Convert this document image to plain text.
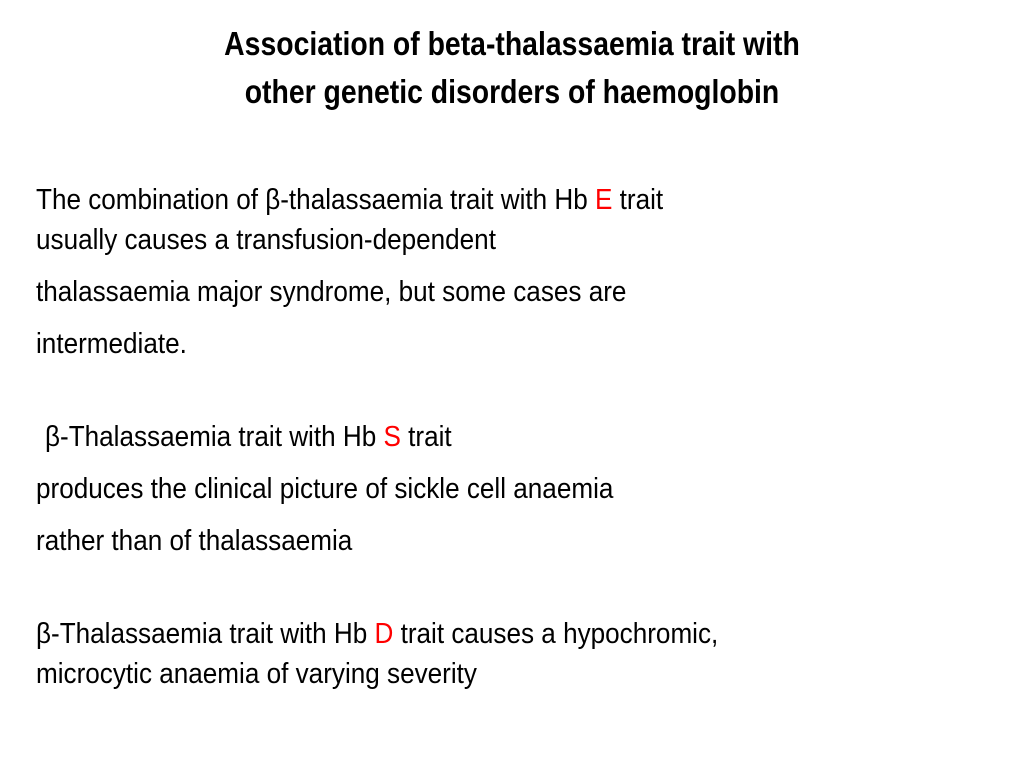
Association of beta-thalassaemia trait with
other genetic disorders of haemoglobin
The combination of β-thalassaemia trait with Hb E trait
usually causes a transfusion-dependent
thalassaemia major syndrome, but some cases are
intermediate.
β-Thalassaemia trait with Hb S trait
produces the clinical picture of sickle cell anaemia
rather than of thalassaemia
β-Thalassaemia trait with Hb D trait causes a hypochromic,
microcytic anaemia of varying severity
